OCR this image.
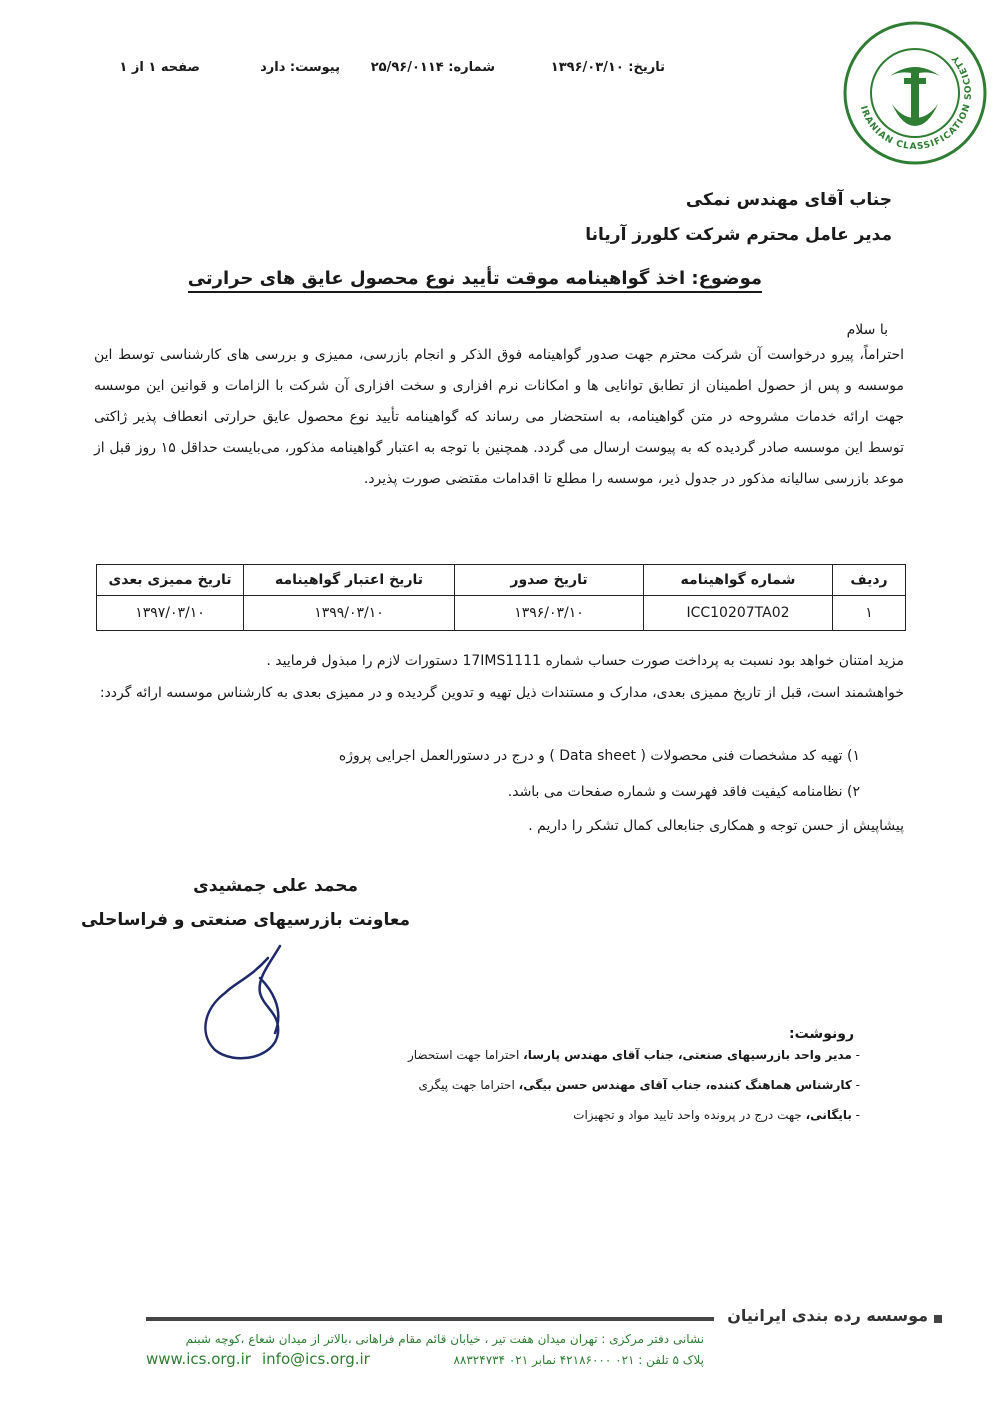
تاریخ: ۱۳۹۶/۰۳/۱۰
شماره: ۲۵/۹۶/۰۱۱۴
پیوست: دارد
صفحه ۱ از ۱
IRANIAN CLASSIFICATION SOCIETY
جناب آقای مهندس نمکی
مدیر عامل محترم شرکت کلورز آریانا
موضوع: اخذ گواهینامه موقت تأیید نوع محصول عایق های حرارتی
با سلام
احتراماً، پیرو درخواست آن شرکت محترم جهت صدور گواهینامه فوق الذکر و انجام بازرسی، ممیزی و بررسی های کارشناسی توسط این موسسه و پس از حصول اطمینان از تطابق توانایی ها و امکانات نرم افزاری و سخت افزاری آن شرکت با الزامات و قوانین این موسسه جهت ارائه خدمات مشروحه در متن گواهینامه، به استحضار می رساند که گواهینامه تأیید نوع محصول عایق حرارتی انعطاف پذیر ژاکتی توسط این موسسه صادر گردیده که به پیوست ارسال می گردد. همچنین با توجه به اعتبار گواهینامه مذکور، می‌بایست حداقل ۱۵ روز قبل از موعد بازرسی سالیانه مذکور در جدول ذیر، موسسه را مطلع تا اقدامات مقتضی صورت پذیرد.
ردیف	شماره گواهینامه	تاریخ صدور	تاریخ اعتبار گواهینامه	تاریخ ممیزی بعدی
۱	ICC10207TA02	۱۳۹۶/۰۳/۱۰	۱۳۹۹/۰۳/۱۰	۱۳۹۷/۰۳/۱۰
مزید امتنان خواهد بود نسبت به پرداخت صورت حساب شماره 17IMS1111 دستورات لازم را مبذول فرمایید .
خواهشمند است، قبل از تاریخ ممیزی بعدی، مدارک و مستندات ذیل تهیه و تدوین گردیده و در ممیزی بعدی به کارشناس موسسه ارائه گردد:
۱) تهیه کد مشخصات فنی محصولات ( Data sheet ) و درج در دستورالعمل اجرایی پروژه
۲) نظامنامه کیفیت فاقد فهرست و شماره صفحات می باشد.
پیشاپیش از حسن توجه و همکاری جنابعالی کمال تشکر را داریم .
محمد علی جمشیدی
معاونت بازرسیهای صنعتی و فراساحلی
رونوشت:
- مدیر واحد بازرسیهای صنعتی، جناب آقای مهندس پارسا، احتراما جهت استحضار
- کارشناس هماهنگ کننده، جناب آقای مهندس حسن بیگی، احتراما جهت پیگری
- بایگانی، جهت درج در پرونده واحد تایید مواد و تجهیزات
موسسه رده بندی ایرانیان
نشانی دفتر مرکزی : تهران میدان هفت تیر ، خیابان قائم مقام فراهانی ،بالاتر از میدان شعاع ،کوچه شبنم
پلاک ۵ تلفن : ۰۲۱ ۴۲۱۸۶۰۰۰ نمابر ۰۲۱ ۸۸۳۲۴۷۳۴
www.ics.org.ir info@ics.org.ir
